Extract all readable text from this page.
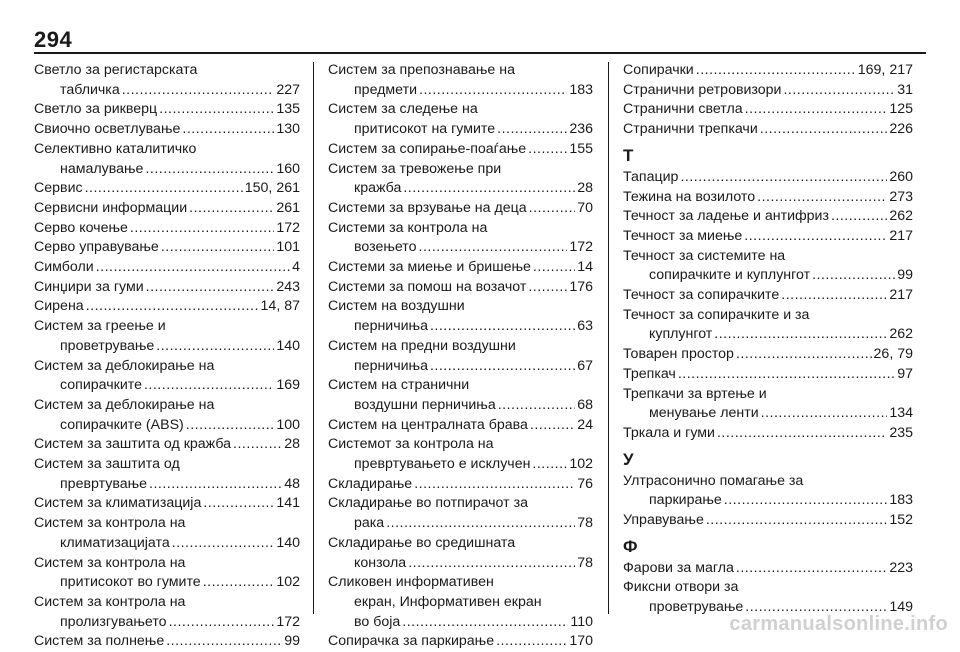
294
Светло за регистарската
табличка .....	227
Светло за рикверц .....	135
Свиочно осветлување .....	130
Селективно каталитичко
намалување .....	160
Сервис .....	150, 261
Сервисни информации .....	261
Серво кочење .....	172
Серво управување .....	101
Симболи .....	4
Синџири за гуми .....	243
Сирена .....	14, 87
Систем за греење и
проветрување .....	140
Систем за деблокирање на
сопирачките .....	169
Систем за деблокирање на
сопирачките (ABS) .....	100
Систем за заштита од кражба .....	28
Систем за заштита од
превртување .....	48
Систем за климатизација .....	141
Систем за контрола на
климатизацијата .....	140
Систем за контрола на
притисокот во гумите .....	102
Систем за контрола на
пролизгувањето .....	172
Систем за полнење .....	99
Систем за препознавање на
предмети .....	183
Систем за следење на
притисокот на гумите .....	236
Систем за сопирање-поаѓање .....	155
Систем за тревожење при
кражба .....	28
Системи за врзување на деца .....	70
Системи за контрола на
возењето .....	172
Системи за миење и бришење .....	14
Системи за помош на возачот .....	176
Систем на воздушни
перничиња .....	63
Систем на предни воздушни
перничиња .....	67
Систем на странични
воздушни перничиња .....	68
Систем на централната брава .....	24
Системот за контрола на
превртувањето е исклучен .....	102
Складирање .....	76
Складирање во потпирачот за
рака .....	78
Складирање во средишната
конзола .....	78
Сликовен информативен
екран, Информативен екран
во боја .....	110
Сопирачка за паркирање .....	170
Сопирачки .....	169, 217
Странични ретровизори .....	31
Странични светла .....	125
Странични трепкачи .....	226
Т
Тапацир .....	260
Тежина на возилото .....	273
Течност за ладење и антифриз .....	262
Течност за миење .....	217
Течност за системите на
сопирачките и куплунгот .....	99
Течност за сопирачките .....	217
Течност за сопирачките и за
куплунгот .....	262
Товарен простор .....	26, 79
Трепкач .....	97
Трепкачи за вртење и
менување ленти .....	134
Тркала и гуми .....	235
У
Ултрасонично помагање за
паркирање .....	183
Управување .....	152
Ф
Фарови за магла .....	223
Фиксни отвори за
проветрување .....	149
carmanualsonline.info
